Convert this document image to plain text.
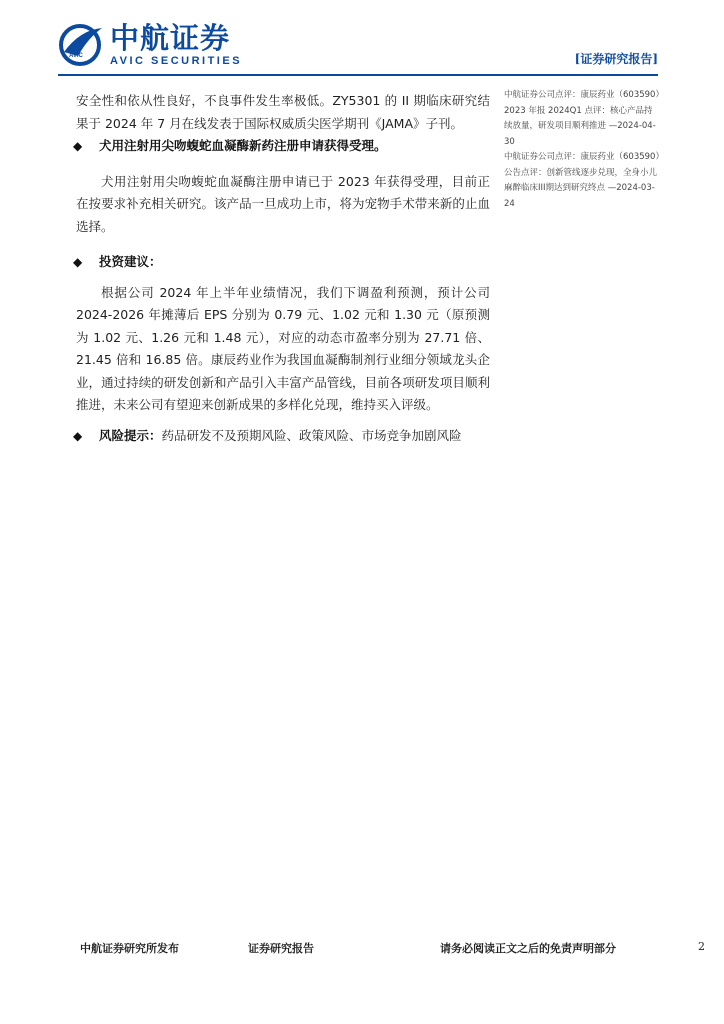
AVIC
中航证券
AVIC SECURITIES	[证券研究报告]

安全性和依从性良好，不良事件发生率极低。ZY5301 的 II 期临床研究结果于 2024 年 7 月在线发表于国际权威质尖医学期刊《JAMA》子刊。

◆	犬用注射用尖吻蝮蛇血凝酶新药注册申请获得受理。

犬用注射用尖吻蝮蛇血凝酶注册申请已于 2023 年获得受理，目前正在按要求补充相关研究。该产品一旦成功上市，将为宠物手术带来新的止血选择。

◆	投资建议：

根据公司 2024 年上半年业绩情况，我们下调盈利预测，预计公司 2024-2026 年摊薄后 EPS 分别为 0.79 元、1.02 元和 1.30 元（原预测为 1.02 元、1.26 元和 1.48 元），对应的动态市盈率分别为 27.71 倍、21.45 倍和 16.85 倍。康辰药业作为我国血凝酶制剂行业细分领域龙头企业，通过持续的研发创新和产品引入丰富产品管线，目前各项研发项目顺利推进，未来公司有望迎来创新成果的多样化兑现，维持买入评级。

◆	风险提示：药品研发不及预期风险、政策风险、市场竞争加剧风险
中航证券公司点评：康辰药业（603590）2023 年报 2024Q1 点评：核心产品持续放量，研发项目顺利推进 —2024-04-30
中航证券公司点评：康辰药业（603590）公告点评：创新管线逐步兑现，全身小儿麻醉临床III期达到研究终点 —2024-03-24
中航证券研究所发布	证券研究报告	请务必阅读正文之后的免责声明部分	2
